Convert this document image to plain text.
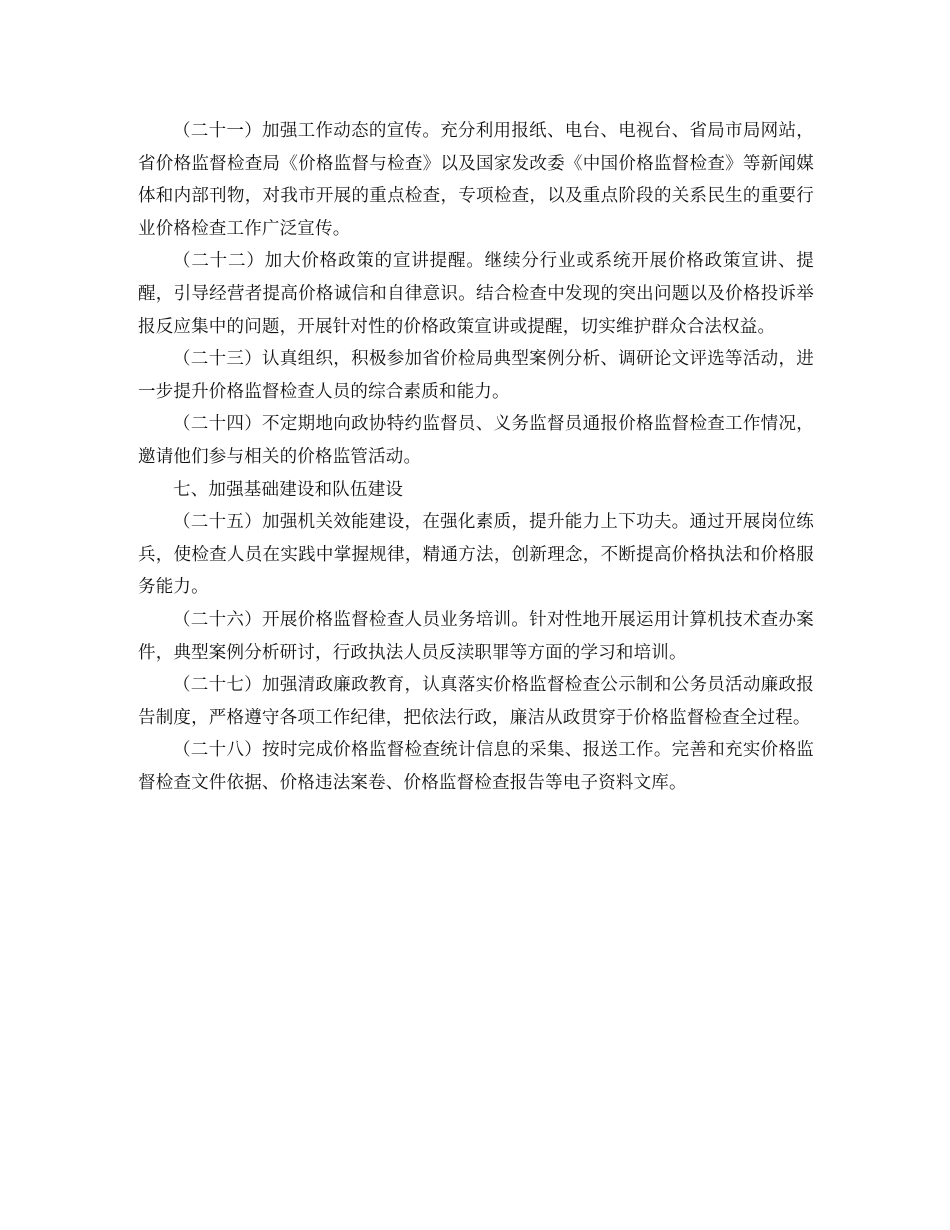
（二十一）加强工作动态的宣传。充分利用报纸、电台、电视台、省局市局网站，省价格监督检查局《价格监督与检查》以及国家发改委《中国价格监督检查》等新闻媒体和内部刊物，对我市开展的重点检查，专项检查，以及重点阶段的关系民生的重要行业价格检查工作广泛宣传。

（二十二）加大价格政策的宣讲提醒。继续分行业或系统开展价格政策宣讲、提醒，引导经营者提高价格诚信和自律意识。结合检查中发现的突出问题以及价格投诉举报反应集中的问题，开展针对性的价格政策宣讲或提醒，切实维护群众合法权益。

（二十三）认真组织，积极参加省价检局典型案例分析、调研论文评选等活动，进一步提升价格监督检查人员的综合素质和能力。

（二十四）不定期地向政协特约监督员、义务监督员通报价格监督检查工作情况，邀请他们参与相关的价格监管活动。

七、加强基础建设和队伍建设

（二十五）加强机关效能建设，在强化素质，提升能力上下功夫。通过开展岗位练兵，使检查人员在实践中掌握规律，精通方法，创新理念，不断提高价格执法和价格服务能力。

（二十六）开展价格监督检查人员业务培训。针对性地开展运用计算机技术查办案件，典型案例分析研讨，行政执法人员反渎职罪等方面的学习和培训。

（二十七）加强清政廉政教育，认真落实价格监督检查公示制和公务员活动廉政报告制度，严格遵守各项工作纪律，把依法行政，廉洁从政贯穿于价格监督检查全过程。

（二十八）按时完成价格监督检查统计信息的采集、报送工作。完善和充实价格监督检查文件依据、价格违法案卷、价格监督检查报告等电子资料文库。
